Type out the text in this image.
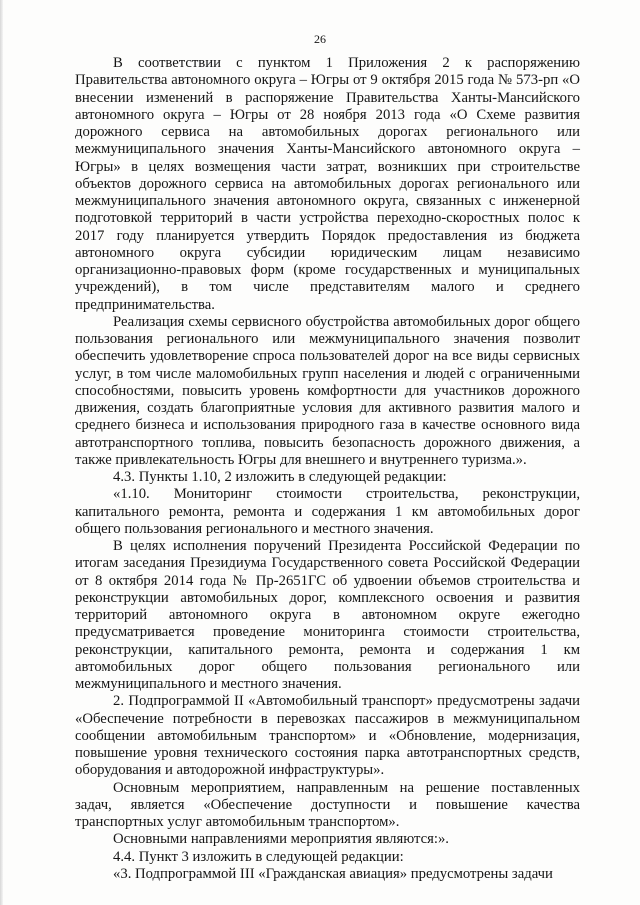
26

В соответствии с пунктом 1 Приложения 2 к распоряжению Правительства автономного округа – Югры от 9 октября 2015 года № 573-рп «О внесении изменений в распоряжение Правительства Ханты-Мансийского автономного округа – Югры от 28 ноября 2013 года «О Схеме развития дорожного сервиса на автомобильных дорогах регионального или межмуниципального значения Ханты-Мансийского автономного округа – Югры» в целях возмещения части затрат, возникших при строительстве объектов дорожного сервиса на автомобильных дорогах регионального или межмуниципального значения автономного округа, связанных с инженерной подготовкой территорий в части устройства переходно-скоростных полос к 2017 году планируется утвердить Порядок предоставления из бюджета автономного округа субсидии юридическим лицам независимо организационно-правовых форм (кроме государственных и муниципальных учреждений), в том числе представителям малого и среднего предпринимательства.

Реализация схемы сервисного обустройства автомобильных дорог общего пользования регионального или межмуниципального значения позволит обеспечить удовлетворение спроса пользователей дорог на все виды сервисных услуг, в том числе маломобильных групп населения и людей с ограниченными способностями, повысить уровень комфортности для участников дорожного движения, создать благоприятные условия для активного развития малого и среднего бизнеса и использования природного газа в качестве основного вида автотранспортного топлива, повысить безопасность дорожного движения, а также привлекательность Югры для внешнего и внутреннего туризма.».

4.3. Пункты 1.10, 2 изложить в следующей редакции:

«1.10. Мониторинг стоимости строительства, реконструкции, капитального ремонта, ремонта и содержания 1 км автомобильных дорог общего пользования регионального и местного значения.

В целях исполнения поручений Президента Российской Федерации по итогам заседания Президиума Государственного совета Российской Федерации от 8 октября 2014 года № Пр-2651ГС об удвоении объемов строительства и реконструкции автомобильных дорог, комплексного освоения и развития территорий автономного округа в автономном округе ежегодно предусматривается проведение мониторинга стоимости строительства, реконструкции, капитального ремонта, ремонта и содержания 1 км автомобильных дорог общего пользования регионального или межмуниципального и местного значения.

2. Подпрограммой II «Автомобильный транспорт» предусмотрены задачи «Обеспечение потребности в перевозках пассажиров в межмуниципальном сообщении автомобильным транспортом» и «Обновление, модернизация, повышение уровня технического состояния парка автотранспортных средств, оборудования и автодорожной инфраструктуры».

Основным мероприятием, направленным на решение поставленных задач, является «Обеспечение доступности и повышение качества транспортных услуг автомобильным транспортом».

Основными направлениями мероприятия являются:».

4.4. Пункт 3 изложить в следующей редакции:

«3. Подпрограммой III «Гражданская авиация» предусмотрены задачи
